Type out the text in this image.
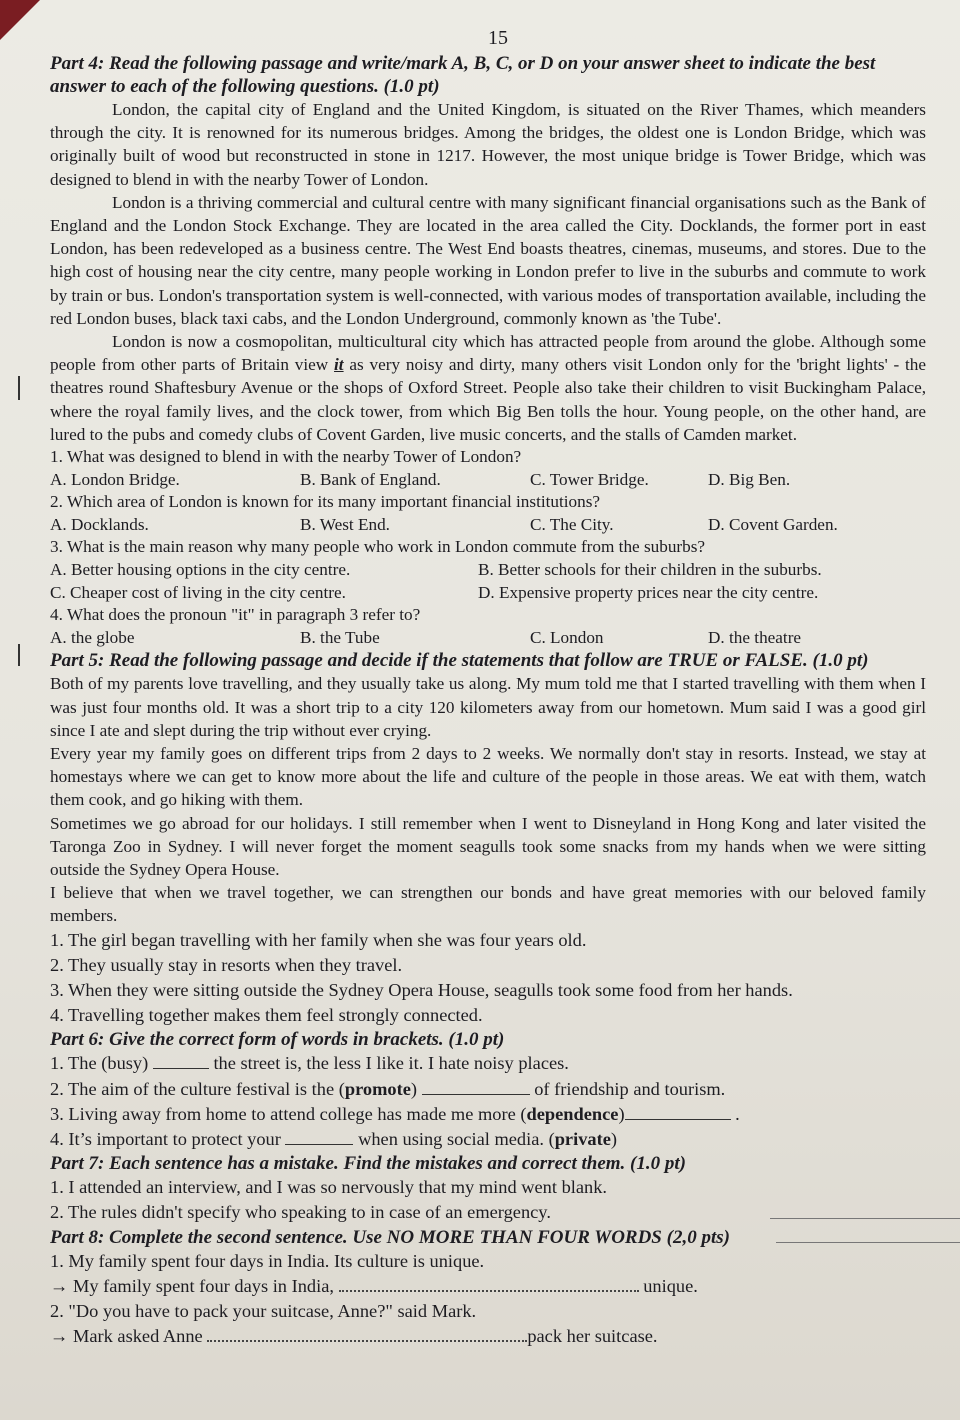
15

Part 4: Read the following passage and write/mark A, B, C, or D on your answer sheet to indicate the best answer to each of the following questions. (1.0 pt)

London, the capital city of England and the United Kingdom, is situated on the River Thames, which meanders through the city. It is renowned for its numerous bridges. Among the bridges, the oldest one is London Bridge, which was originally built of wood but reconstructed in stone in 1217. However, the most unique bridge is Tower Bridge, which was designed to blend in with the nearby Tower of London.

London is a thriving commercial and cultural centre with many significant financial organisations such as the Bank of England and the London Stock Exchange. They are located in the area called the City. Docklands, the former port in east London, has been redeveloped as a business centre. The West End boasts theatres, cinemas, museums, and stores. Due to the high cost of housing near the city centre, many people working in London prefer to live in the suburbs and commute to work by train or bus. London's transportation system is well-connected, with various modes of transportation available, including the red London buses, black taxi cabs, and the London Underground, commonly known as 'the Tube'.

London is now a cosmopolitan, multicultural city which has attracted people from around the globe. Although some people from other parts of Britain view it as very noisy and dirty, many others visit London only for the 'bright lights' - the theatres round Shaftesbury Avenue or the shops of Oxford Street. People also take their children to visit Buckingham Palace, where the royal family lives, and the clock tower, from which Big Ben tolls the hour. Young people, on the other hand, are lured to the pubs and comedy clubs of Covent Garden, live music concerts, and the stalls of Camden market.

1. What was designed to blend in with the nearby Tower of London?

A. London Bridge.	B. Bank of England.	C. Tower Bridge.	D. Big Ben.

2. Which area of London is known for its many important financial institutions?

A. Docklands.	B. West End.	C. The City.	D. Covent Garden.

3. What is the main reason why many people who work in London commute from the suburbs?

A. Better housing options in the city centre.	B. Better schools for their children in the suburbs.
C. Cheaper cost of living in the city centre.	D. Expensive property prices near the city centre.

4. What does the pronoun "it" in paragraph 3 refer to?

A. the globe	B. the Tube	C. London	D. the theatre

Part 5: Read the following passage and decide if the statements that follow are TRUE or FALSE. (1.0 pt)

Both of my parents love travelling, and they usually take us along. My mum told me that I started travelling with them when I was just four months old. It was a short trip to a city 120 kilometers away from our hometown. Mum said I was a good girl since I ate and slept during the trip without ever crying.

Every year my family goes on different trips from 2 days to 2 weeks. We normally don't stay in resorts. Instead, we stay at homestays where we can get to know more about the life and culture of the people in those areas. We eat with them, watch them cook, and go hiking with them.

Sometimes we go abroad for our holidays. I still remember when I went to Disneyland in Hong Kong and later visited the Taronga Zoo in Sydney. I will never forget the moment seagulls took some snacks from my hands when we were sitting outside the Sydney Opera House.

I believe that when we travel together, we can strengthen our bonds and have great memories with our beloved family members.

1. The girl began travelling with her family when she was four years old.

2. They usually stay in resorts when they travel.

3. When they were sitting outside the Sydney Opera House, seagulls took some food from her hands.

4. Travelling together makes them feel strongly connected.

Part 6: Give the correct form of words in brackets. (1.0 pt)

1. The (busy)	the street is, the less I like it. I hate noisy places.

2. The aim of the culture festival is the (promote)	of friendship and tourism.

3. Living away from home to attend college has made me more (dependence)	.

4. It’s important to protect your	when using social media. (private)

Part 7: Each sentence has a mistake. Find the mistakes and correct them. (1.0 pt)

1. I attended an interview, and I was so nervously that my mind went blank.

2. The rules didn't specify who speaking to in case of an emergency.

Part 8: Complete the second sentence. Use NO MORE THAN FOUR WORDS (2,0 pts)

1. My family spent four days in India. Its culture is unique.

→ My family spent four days in India,	unique.

2. "Do you have to pack your suitcase, Anne?" said Mark.

→ Mark asked Anne	pack her suitcase.
